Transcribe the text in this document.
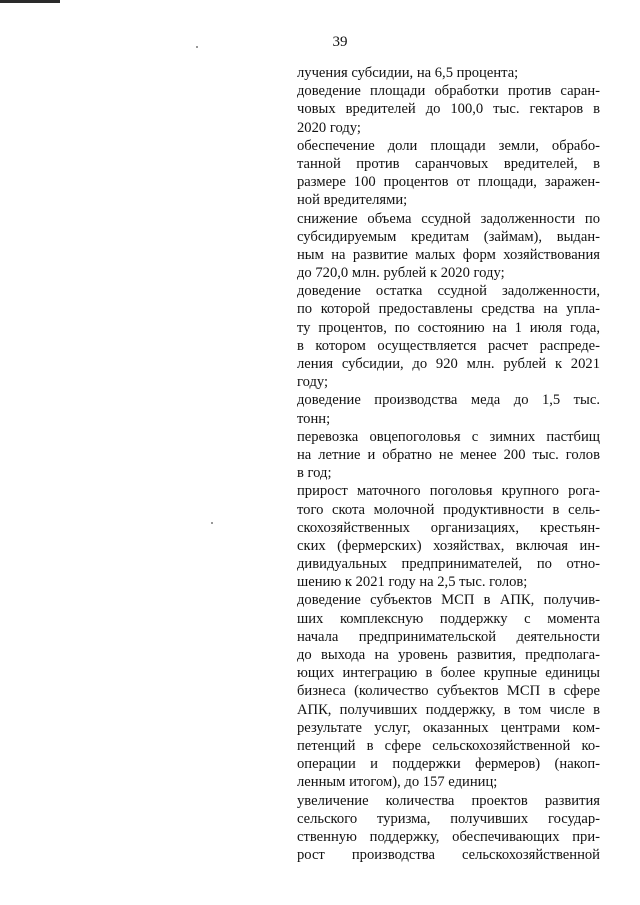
39
лучения субсидии, на 6,5 процента;
доведение площади обработки против саран-
човых вредителей до 100,0 тыс. гектаров в
2020 году;
обеспечение доли площади земли, обрабо-
танной против саранчовых вредителей, в
размере 100 процентов от площади, заражен-
ной вредителями;
снижение объема ссудной задолженности по
субсидируемым кредитам (займам), выдан-
ным на развитие малых форм хозяйствования
до 720,0 млн. рублей к 2020 году;
доведение остатка ссудной задолженности,
по которой предоставлены средства на упла-
ту процентов, по состоянию на 1 июля года,
в котором осуществляется расчет распреде-
ления субсидии, до 920 млн. рублей к 2021
году;
доведение производства меда до 1,5 тыс.
тонн;
перевозка овцепоголовья с зимних пастбищ
на летние и обратно не менее 200 тыс. голов
в год;
прирост маточного поголовья крупного рога-
того скота молочной продуктивности в сель-
скохозяйственных организациях, крестьян-
ских (фермерских) хозяйствах, включая ин-
дивидуальных предпринимателей, по отно-
шению к 2021 году на 2,5 тыс. голов;
доведение субъектов МСП в АПК, получив-
ших комплексную поддержку с момента
начала предпринимательской деятельности
до выхода на уровень развития, предполага-
ющих интеграцию в более крупные единицы
бизнеса (количество субъектов МСП в сфере
АПК, получивших поддержку, в том числе в
результате услуг, оказанных центрами ком-
петенций в сфере сельскохозяйственной ко-
операции и поддержки фермеров) (накоп-
ленным итогом), до 157 единиц;
увеличение количества проектов развития
сельского туризма, получивших государ-
ственную поддержку, обеспечивающих при-
рост производства сельскохозяйственной
